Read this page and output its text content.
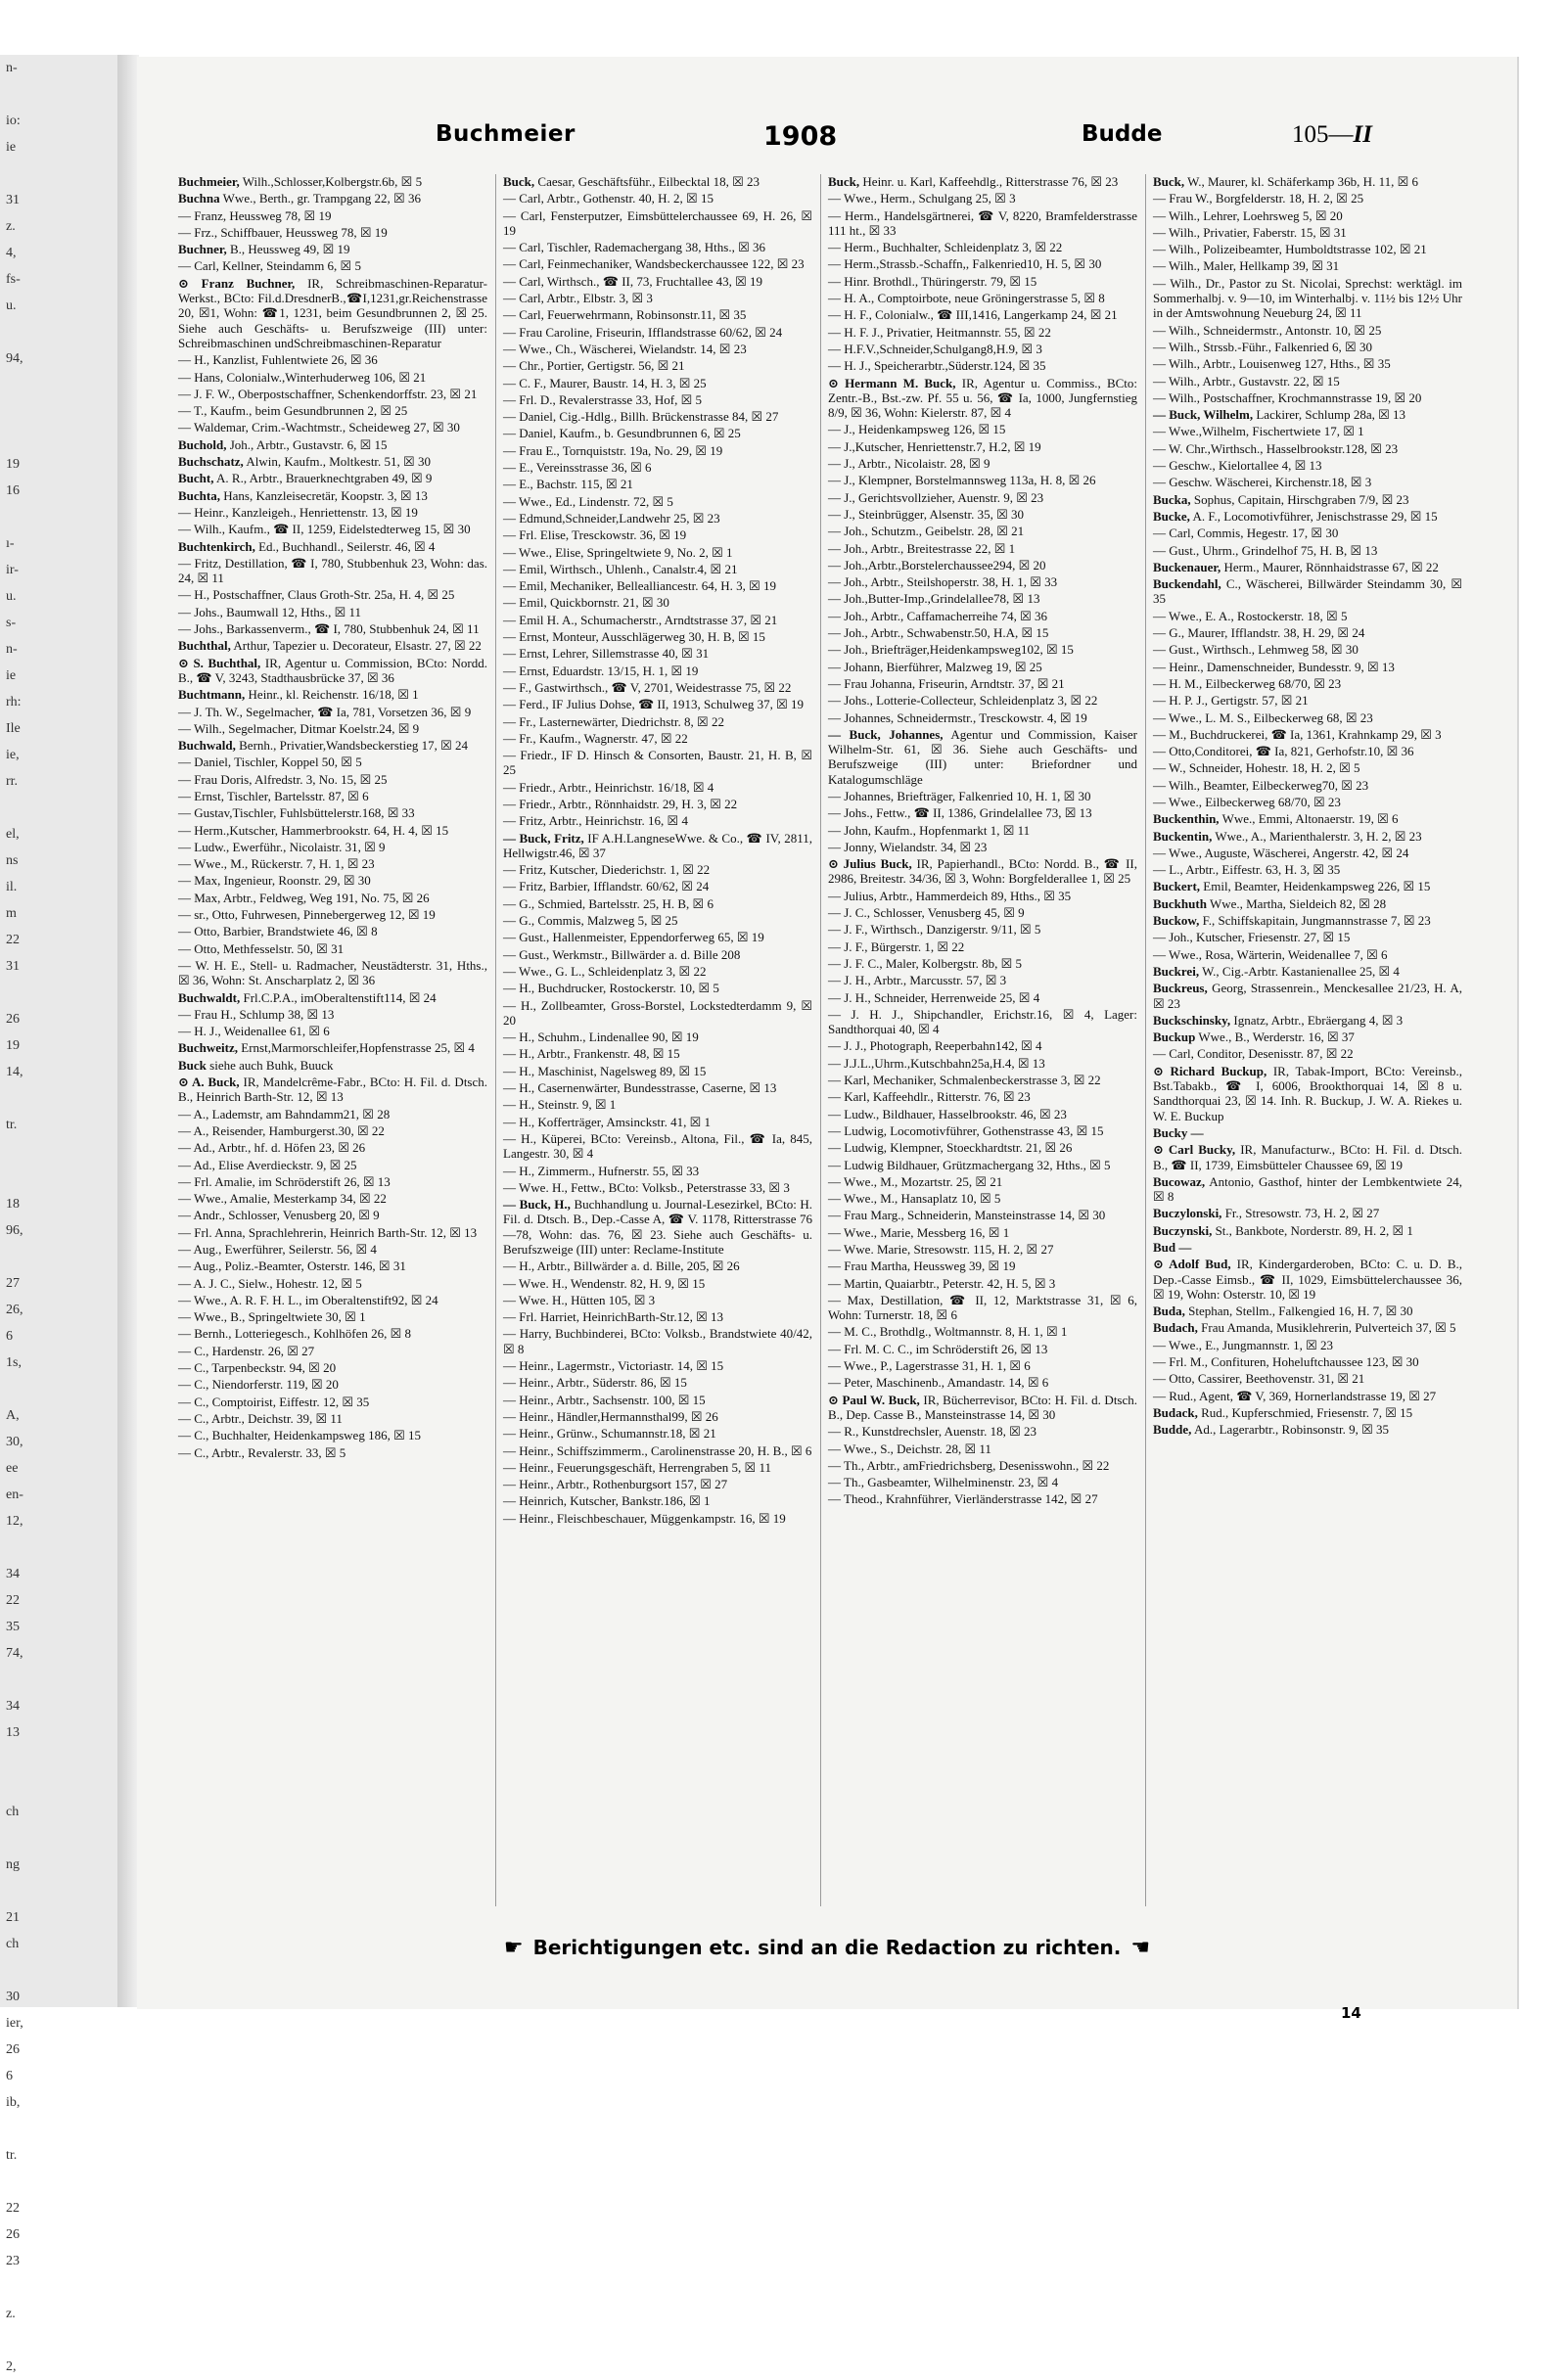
n-

io:
ie

31
z.
4,
fs-
u.

94,

19
16

ı-
ir-
u.
s-
n-
ie
rh:
Ile
ie,
rr.

el,
ns
il.
m
22
31

26
19
14,

tr.

18
96,

27
26,
6
1s,

A,
30,
ee
en-
12,

34
22
35
74,

34
13

ch

ng

21
ch

30
ier,
26
6
ib,

tr.

22
26
23

z.

2,
Buchmeier	1908	Budde	105—II
Buchmeier, Wilh.,Schlosser,Kolbergstr.6b, ☒ 5
Buchna Wwe., Berth., gr. Trampgang 22, ☒ 36
— Franz, Heussweg 78, ☒ 19
— Frz., Schiffbauer, Heussweg 78, ☒ 19
Buchner, B., Heussweg 49, ☒ 19
— Carl, Kellner, Steindamm 6, ☒ 5
⊙ Franz Buchner, IR, Schreibmaschinen-Reparatur-Werkst., BCto: Fil.d.DresdnerB.,☎I,1231,gr.Reichenstrasse 20, ☒1, Wohn: ☎1, 1231, beim Gesundbrunnen 2, ☒ 25. Siehe auch Geschäfts- u. Berufszweige (III) unter: Schreibmaschinen undSchreibmaschinen-Reparatur
— H., Kanzlist, Fuhlentwiete 26, ☒ 36
— Hans, Colonialw.,Winterhuderweg 106, ☒ 21
— J. F. W., Oberpostschaffner, Schenkendorffstr. 23, ☒ 21
— T., Kaufm., beim Gesundbrunnen 2, ☒ 25
— Waldemar, Crim.-Wachtmstr., Scheideweg 27, ☒ 30
Buchold, Joh., Arbtr., Gustavstr. 6, ☒ 15
Buchschatz, Alwin, Kaufm., Moltkestr. 51, ☒ 30
Bucht, A. R., Arbtr., Brauerknechtgraben 49, ☒ 9
Buchta, Hans, Kanzleisecretär, Koopstr. 3, ☒ 13
— Heinr., Kanzleigeh., Henriettenstr. 13, ☒ 19
— Wilh., Kaufm., ☎ II, 1259, Eidelstedterweg 15, ☒ 30
Buchtenkirch, Ed., Buchhandl., Seilerstr. 46, ☒ 4
— Fritz, Destillation, ☎ I, 780, Stubbenhuk 23, Wohn: das. 24, ☒ 11
— H., Postschaffner, Claus Groth-Str. 25a, H. 4, ☒ 25
— Johs., Baumwall 12, Hths., ☒ 11
— Johs., Barkassenverm., ☎ I, 780, Stubbenhuk 24, ☒ 11
Buchthal, Arthur, Tapezier u. Decorateur, Elsastr. 27, ☒ 22
⊙ S. Buchthal, IR, Agentur u. Commission, BCto: Nordd. B., ☎ V, 3243, Stadthausbrücke 37, ☒ 36
Buchtmann, Heinr., kl. Reichenstr. 16/18, ☒ 1
— J. Th. W., Segelmacher, ☎ Ia, 781, Vorsetzen 36, ☒ 9
— Wilh., Segelmacher, Ditmar Koelstr.24, ☒ 9
Buchwald, Bernh., Privatier,Wandsbeckerstieg 17, ☒ 24
— Daniel, Tischler, Koppel 50, ☒ 5
— Frau Doris, Alfredstr. 3, No. 15, ☒ 25
— Ernst, Tischler, Bartelsstr. 87, ☒ 6
— Gustav,Tischler, Fuhlsbüttelerstr.168, ☒ 33
— Herm.,Kutscher, Hammerbrookstr. 64, H. 4, ☒ 15
— Ludw., Ewerführ., Nicolaistr. 31, ☒ 9
— Wwe., M., Rückerstr. 7, H. 1, ☒ 23
— Max, Ingenieur, Roonstr. 29, ☒ 30
— Max, Arbtr., Feldweg, Weg 191, No. 75, ☒ 26
— sr., Otto, Fuhrwesen, Pinnebergerweg 12, ☒ 19
— Otto, Barbier, Brandstwiete 46, ☒ 8
— Otto, Methfesselstr. 50, ☒ 31
— W. H. E., Stell- u. Radmacher, Neustädterstr. 31, Hths., ☒ 36, Wohn: St. Anscharplatz 2, ☒ 36
Buchwaldt, Frl.C.P.A., imOberaltenstift114, ☒ 24
— Frau H., Schlump 38, ☒ 13
— H. J., Weidenallee 61, ☒ 6
Buchweitz, Ernst,Marmorschleifer,Hopfenstrasse 25, ☒ 4
Buck siehe auch Buhk, Buuck
⊙ A. Buck, IR, Mandelcrême-Fabr., BCto: H. Fil. d. Dtsch. B., Heinrich Barth-Str. 12, ☒ 13
— A., Lademstr, am Bahndamm21, ☒ 28
— A., Reisender, Hamburgerst.30, ☒ 22
— Ad., Arbtr., hf. d. Höfen 23, ☒ 26
— Ad., Elise Averdieckstr. 9, ☒ 25
— Frl. Amalie, im Schröderstift 26, ☒ 13
— Wwe., Amalie, Mesterkamp 34, ☒ 22
— Andr., Schlosser, Venusberg 20, ☒ 9
— Frl. Anna, Sprachlehrerin, Heinrich Barth-Str. 12, ☒ 13
— Aug., Ewerführer, Seilerstr. 56, ☒ 4
— Aug., Poliz.-Beamter, Osterstr. 146, ☒ 31
— A. J. C., Sielw., Hohestr. 12, ☒ 5
— Wwe., A. R. F. H. L., im Oberaltenstift92, ☒ 24
— Wwe., B., Springeltwiete 30, ☒ 1
— Bernh., Lotteriegesch., Kohlhöfen 26, ☒ 8
— C., Hardenstr. 26, ☒ 27
— C., Tarpenbeckstr. 94, ☒ 20
— C., Niendorferstr. 119, ☒ 20
— C., Comptoirist, Eiffestr. 12, ☒ 35
— C., Arbtr., Deichstr. 39, ☒ 11
— C., Buchhalter, Heidenkampsweg 186, ☒ 15
— C., Arbtr., Revalerstr. 33, ☒ 5
Buck, Caesar, Geschäftsführ., Eilbecktal 18, ☒ 23
— Carl, Arbtr., Gothenstr. 40, H. 2, ☒ 15
— Carl, Fensterputzer, Eimsbüttelerchaussee 69, H. 26, ☒ 19
— Carl, Tischler, Rademachergang 38, Hths., ☒ 36
— Carl, Feinmechaniker, Wandsbeckerchaussee 122, ☒ 23
— Carl, Wirthsch., ☎ II, 73, Fruchtallee 43, ☒ 19
— Carl, Arbtr., Elbstr. 3, ☒ 3
— Carl, Feuerwehrmann, Robinsonstr.11, ☒ 35
— Frau Caroline, Friseurin, Ifflandstrasse 60/62, ☒ 24
— Wwe., Ch., Wäscherei, Wielandstr. 14, ☒ 23
— Chr., Portier, Gertigstr. 56, ☒ 21
— C. F., Maurer, Baustr. 14, H. 3, ☒ 25
— Frl. D., Revalerstrasse 33, Hof, ☒ 5
— Daniel, Cig.-Hdlg., Billh. Brückenstrasse 84, ☒ 27
— Daniel, Kaufm., b. Gesundbrunnen 6, ☒ 25
— Frau E., Tornquiststr. 19a, No. 29, ☒ 19
— E., Vereinsstrasse 36, ☒ 6
— E., Bachstr. 115, ☒ 21
— Wwe., Ed., Lindenstr. 72, ☒ 5
— Edmund,Schneider,Landwehr 25, ☒ 23
— Frl. Elise, Tresckowstr. 36, ☒ 19
— Wwe., Elise, Springeltwiete 9, No. 2, ☒ 1
— Emil, Wirthsch., Uhlenh., Canalstr.4, ☒ 21
— Emil, Mechaniker, Bellealliancestr. 64, H. 3, ☒ 19
— Emil, Quickbornstr. 21, ☒ 30
— Emil H. A., Schumacherstr., Arndtstrasse 37, ☒ 21
— Ernst, Monteur, Ausschlägerweg 30, H. B, ☒ 15
— Ernst, Lehrer, Sillemstrasse 40, ☒ 31
— Ernst, Eduardstr. 13/15, H. 1, ☒ 19
— F., Gastwirthsch., ☎ V, 2701, Weidestrasse 75, ☒ 22
— Ferd., IF Julius Dohse, ☎ II, 1913, Schulweg 37, ☒ 19
— Fr., Lasternewärter, Diedrichstr. 8, ☒ 22
— Fr., Kaufm., Wagnerstr. 47, ☒ 22
— Friedr., IF D. Hinsch & Consorten, Baustr. 21, H. B, ☒ 25
— Friedr., Arbtr., Heinrichstr. 16/18, ☒ 4
— Friedr., Arbtr., Rönnhaidstr. 29, H. 3, ☒ 22
— Fritz, Arbtr., Heinrichstr. 16, ☒ 4
— Buck, Fritz, IF A.H.LangneseWwe. & Co., ☎ IV, 2811, Hellwigstr.46, ☒ 37
— Fritz, Kutscher, Diederichstr. 1, ☒ 22
— Fritz, Barbier, Ifflandstr. 60/62, ☒ 24
— G., Schmied, Bartelsstr. 25, H. B, ☒ 6
— G., Commis, Malzweg 5, ☒ 25
— Gust., Hallenmeister, Eppendorferweg 65, ☒ 19
— Gust., Werkmstr., Billwärder a. d. Bille 208
— Wwe., G. L., Schleidenplatz 3, ☒ 22
— H., Buchdrucker, Rostockerstr. 10, ☒ 5
— H., Zollbeamter, Gross-Borstel, Lockstedterdamm 9, ☒ 20
— H., Schuhm., Lindenallee 90, ☒ 19
— H., Arbtr., Frankenstr. 48, ☒ 15
— H., Maschinist, Nagelsweg 89, ☒ 15
— H., Casernenwärter, Bundesstrasse, Caserne, ☒ 13
— H., Steinstr. 9, ☒ 1
— H., Kofferträger, Amsinckstr. 41, ☒ 1
— H., Küperei, BCto: Vereinsb., Altona, Fil., ☎ Ia, 845, Langestr. 30, ☒ 4
— H., Zimmerm., Hufnerstr. 55, ☒ 33
— Wwe. H., Fettw., BCto: Volksb., Peterstrasse 33, ☒ 3
— Buck, H., Buchhandlung u. Journal-Lesezirkel, BCto: H. Fil. d. Dtsch. B., Dep.-Casse A, ☎ V. 1178, Ritterstrasse 76—78, Wohn: das. 76, ☒ 23. Siehe auch Geschäfts- u. Berufszweige (III) unter: Reclame-Institute
— H., Arbtr., Billwärder a. d. Bille, 205, ☒ 26
— Wwe. H., Wendenstr. 82, H. 9, ☒ 15
— Wwe. H., Hütten 105, ☒ 3
— Frl. Harriet, HeinrichBarth-Str.12, ☒ 13
— Harry, Buchbinderei, BCto: Volksb., Brandstwiete 40/42, ☒ 8
— Heinr., Lagermstr., Victoriastr. 14, ☒ 15
— Heinr., Arbtr., Süderstr. 86, ☒ 15
— Heinr., Arbtr., Sachsenstr. 100, ☒ 15
— Heinr., Händler,Hermannsthal99, ☒ 26
— Heinr., Grünw., Schumannstr.18, ☒ 21
— Heinr., Schiffszimmerm., Carolinenstrasse 20, H. B., ☒ 6
— Heinr., Feuerungsgeschäft, Herrengraben 5, ☒ 11
— Heinr., Arbtr., Rothenburgsort 157, ☒ 27
— Heinrich, Kutscher, Bankstr.186, ☒ 1
— Heinr., Fleischbeschauer, Müggenkampstr. 16, ☒ 19
Buck, Heinr. u. Karl, Kaffeehdlg., Ritterstrasse 76, ☒ 23
— Wwe., Herm., Schulgang 25, ☒ 3
— Herm., Handelsgärtnerei, ☎ V, 8220, Bramfelderstrasse 111 ht., ☒ 33
— Herm., Buchhalter, Schleidenplatz 3, ☒ 22
— Herm.,Strassb.-Schaffn,, Falkenried10, H. 5, ☒ 30
— Hinr. Brothdl., Thüringerstr. 79, ☒ 15
— H. A., Comptoirbote, neue Gröningerstrasse 5, ☒ 8
— H. F., Colonialw., ☎ III,1416, Langerkamp 24, ☒ 21
— H. F. J., Privatier, Heitmannstr. 55, ☒ 22
— H.F.V.,Schneider,Schulgang8,H.9, ☒ 3
— H. J., Speicherarbtr.,Süderstr.124, ☒ 35
⊙ Hermann M. Buck, IR, Agentur u. Commiss., BCto: Zentr.-B., Bst.-zw. Pf. 55 u. 56, ☎ Ia, 1000, Jungfernstieg 8/9, ☒ 36, Wohn: Kielerstr. 87, ☒ 4
— J., Heidenkampsweg 126, ☒ 15
— J.,Kutscher, Henriettenstr.7, H.2, ☒ 19
— J., Arbtr., Nicolaistr. 28, ☒ 9
— J., Klempner, Borstelmannsweg 113a, H. 8, ☒ 26
— J., Gerichtsvollzieher, Auenstr. 9, ☒ 23
— J., Steinbrügger, Alsenstr. 35, ☒ 30
— Joh., Schutzm., Geibelstr. 28, ☒ 21
— Joh., Arbtr., Breitestrasse 22, ☒ 1
— Joh.,Arbtr.,Borstelerchaussee294, ☒ 20
— Joh., Arbtr., Steilshoperstr. 38, H. 1, ☒ 33
— Joh.,Butter-Imp.,Grindelallee78, ☒ 13
— Joh., Arbtr., Caffamacherreihe 74, ☒ 36
— Joh., Arbtr., Schwabenstr.50, H.A, ☒ 15
— Joh., Briefträger,Heidenkampsweg102, ☒ 15
— Johann, Bierführer, Malzweg 19, ☒ 25
— Frau Johanna, Friseurin, Arndtstr. 37, ☒ 21
— Johs., Lotterie-Collecteur, Schleidenplatz 3, ☒ 22
— Johannes, Schneidermstr., Tresckowstr. 4, ☒ 19
— Buck, Johannes, Agentur und Commission, Kaiser Wilhelm-Str. 61, ☒ 36. Siehe auch Geschäfts- und Berufszweige (III) unter: Briefordner und Katalogumschläge
— Johannes, Briefträger, Falkenried 10, H. 1, ☒ 30
— Johs., Fettw., ☎ II, 1386, Grindelallee 73, ☒ 13
— John, Kaufm., Hopfenmarkt 1, ☒ 11
— Jonny, Wielandstr. 34, ☒ 23
⊙ Julius Buck, IR, Papierhandl., BCto: Nordd. B., ☎ II, 2986, Breitestr. 34/36, ☒ 3, Wohn: Borgfelderallee 1, ☒ 25
— Julius, Arbtr., Hammerdeich 89, Hths., ☒ 35
— J. C., Schlosser, Venusberg 45, ☒ 9
— J. F., Wirthsch., Danzigerstr. 9/11, ☒ 5
— J. F., Bürgerstr. 1, ☒ 22
— J. F. C., Maler, Kolbergstr. 8b, ☒ 5
— J. H., Arbtr., Marcusstr. 57, ☒ 3
— J. H., Schneider, Herrenweide 25, ☒ 4
— J. H. J., Shipchandler, Erichstr.16, ☒ 4, Lager: Sandthorquai 40, ☒ 4
— J. J., Photograph, Reeperbahn142, ☒ 4
— J.J.L.,Uhrm.,Kutschbahn25a,H.4, ☒ 13
— Karl, Mechaniker, Schmalenbeckerstrasse 3, ☒ 22
— Karl, Kaffeehdlr., Ritterstr. 76, ☒ 23
— Ludw., Bildhauer, Hasselbrookstr. 46, ☒ 23
— Ludwig, Locomotivführer, Gothenstrasse 43, ☒ 15
— Ludwig, Klempner, Stoeckhardtstr. 21, ☒ 26
— Ludwig Bildhauer, Grützmachergang 32, Hths., ☒ 5
— Wwe., M., Mozartstr. 25, ☒ 21
— Wwe., M., Hansaplatz 10, ☒ 5
— Frau Marg., Schneiderin, Mansteinstrasse 14, ☒ 30
— Wwe., Marie, Messberg 16, ☒ 1
— Wwe. Marie, Stresowstr. 115, H. 2, ☒ 27
— Frau Martha, Heussweg 39, ☒ 19
— Martin, Quaiarbtr., Peterstr. 42, H. 5, ☒ 3
— Max, Destillation, ☎ II, 12, Marktstrasse 31, ☒ 6, Wohn: Turnerstr. 18, ☒ 6
— M. C., Brothdlg., Woltmannstr. 8, H. 1, ☒ 1
— Frl. M. C. C., im Schröderstift 26, ☒ 13
— Wwe., P., Lagerstrasse 31, H. 1, ☒ 6
— Peter, Maschinenb., Amandastr. 14, ☒ 6
⊙ Paul W. Buck, IR, Bücherrevisor, BCto: H. Fil. d. Dtsch. B., Dep. Casse B., Mansteinstrasse 14, ☒ 30
— R., Kunstdrechsler, Auenstr. 18, ☒ 23
— Wwe., S., Deichstr. 28, ☒ 11
— Th., Arbtr., amFriedrichsberg, Desenisswohn., ☒ 22
— Th., Gasbeamter, Wilhelminenstr. 23, ☒ 4
— Theod., Krahnführer, Vierländerstrasse 142, ☒ 27
Buck, W., Maurer, kl. Schäferkamp 36b, H. 11, ☒ 6
— Frau W., Borgfelderstr. 18, H. 2, ☒ 25
— Wilh., Lehrer, Loehrsweg 5, ☒ 20
— Wilh., Privatier, Faberstr. 15, ☒ 31
— Wilh., Polizeibeamter, Humboldtstrasse 102, ☒ 21
— Wilh., Maler, Hellkamp 39, ☒ 31
— Wilh., Dr., Pastor zu St. Nicolai, Sprechst: werktägl. im Sommerhalbj. v. 9—10, im Winterhalbj. v. 11½ bis 12½ Uhr in der Amtswohnung Neueburg 24, ☒ 11
— Wilh., Schneidermstr., Antonstr. 10, ☒ 25
— Wilh., Strssb.-Führ., Falkenried 6, ☒ 30
— Wilh., Arbtr., Louisenweg 127, Hths., ☒ 35
— Wilh., Arbtr., Gustavstr. 22, ☒ 15
— Wilh., Postschaffner, Krochmannstrasse 19, ☒ 20
— Buck, Wilhelm, Lackirer, Schlump 28a, ☒ 13
— Wwe.,Wilhelm, Fischertwiete 17, ☒ 1
— W. Chr.,Wirthsch., Hasselbrookstr.128, ☒ 23
— Geschw., Kielortallee 4, ☒ 13
— Geschw. Wäscherei, Kirchenstr.18, ☒ 3
Bucka, Sophus, Capitain, Hirschgraben 7/9, ☒ 23
Bucke, A. F., Locomotivführer, Jenischstrasse 29, ☒ 15
— Carl, Commis, Hegestr. 17, ☒ 30
— Gust., Uhrm., Grindelhof 75, H. B, ☒ 13
Buckenauer, Herm., Maurer, Rönnhaidstrasse 67, ☒ 22
Buckendahl, C., Wäscherei, Billwärder Steindamm 30, ☒ 35
— Wwe., E. A., Rostockerstr. 18, ☒ 5
— G., Maurer, Ifflandstr. 38, H. 29, ☒ 24
— Gust., Wirthsch., Lehmweg 58, ☒ 30
— Heinr., Damenschneider, Bundesstr. 9, ☒ 13
— H. M., Eilbeckerweg 68/70, ☒ 23
— H. P. J., Gertigstr. 57, ☒ 21
— Wwe., L. M. S., Eilbeckerweg 68, ☒ 23
— M., Buchdruckerei, ☎ Ia, 1361, Krahnkamp 29, ☒ 3
— Otto,Conditorei, ☎ Ia, 821, Gerhofstr.10, ☒ 36
— W., Schneider, Hohestr. 18, H. 2, ☒ 5
— Wilh., Beamter, Eilbeckerweg70, ☒ 23
— Wwe., Eilbeckerweg 68/70, ☒ 23
Buckenthin, Wwe., Emmi, Altonaerstr. 19, ☒ 6
Buckentin, Wwe., A., Marienthalerstr. 3, H. 2, ☒ 23
— Wwe., Auguste, Wäscherei, Angerstr. 42, ☒ 24
— L., Arbtr., Eiffestr. 63, H. 3, ☒ 35
Buckert, Emil, Beamter, Heidenkampsweg 226, ☒ 15
Buckhuth Wwe., Martha, Sieldeich 82, ☒ 28
Buckow, F., Schiffskapitain, Jungmannstrasse 7, ☒ 23
— Joh., Kutscher, Friesenstr. 27, ☒ 15
— Wwe., Rosa, Wärterin, Weidenallee 7, ☒ 6
Buckrei, W., Cig.-Arbtr. Kastanienallee 25, ☒ 4
Buckreus, Georg, Strassenrein., Menckesallee 21/23, H. A, ☒ 23
Buckschinsky, Ignatz, Arbtr., Ebräergang 4, ☒ 3
Buckup Wwe., B., Werderstr. 16, ☒ 37
— Carl, Conditor, Desenisstr. 87, ☒ 22
⊙ Richard Buckup, IR, Tabak-Import, BCto: Vereinsb., Bst.Tabakb., ☎ I, 6006, Brookthorquai 14, ☒ 8 u. Sandthorquai 23, ☒ 14. Inh. R. Buckup, J. W. A. Riekes u. W. E. Buckup
Bucky —
⊙ Carl Bucky, IR, Manufacturw., BCto: H. Fil. d. Dtsch. B., ☎ II, 1739, Eimsbütteler Chaussee 69, ☒ 19
Bucowaz, Antonio, Gasthof, hinter der Lembkentwiete 24, ☒ 8
Buczylonski, Fr., Stresowstr. 73, H. 2, ☒ 27
Buczynski, St., Bankbote, Norderstr. 89, H. 2, ☒ 1
Bud —
⊙ Adolf Bud, IR, Kindergarderoben, BCto: C. u. D. B., Dep.-Casse Eimsb., ☎ II, 1029, Eimsbüttelerchaussee 36, ☒ 19, Wohn: Osterstr. 10, ☒ 19
Buda, Stephan, Stellm., Falkengied 16, H. 7, ☒ 30
Budach, Frau Amanda, Musiklehrerin, Pulverteich 37, ☒ 5
— Wwe., E., Jungmannstr. 1, ☒ 23
— Frl. M., Confituren, Hoheluftchaussee 123, ☒ 30
— Otto, Cassirer, Beethovenstr. 31, ☒ 21
— Rud., Agent, ☎ V, 369, Hornerlandstrasse 19, ☒ 27
Budack, Rud., Kupferschmied, Friesenstr. 7, ☒ 15
Budde, Ad., Lagerarbtr., Robinsonstr. 9, ☒ 35
☛ Berichtigungen etc. sind an die Redaction zu richten. ☚
14
